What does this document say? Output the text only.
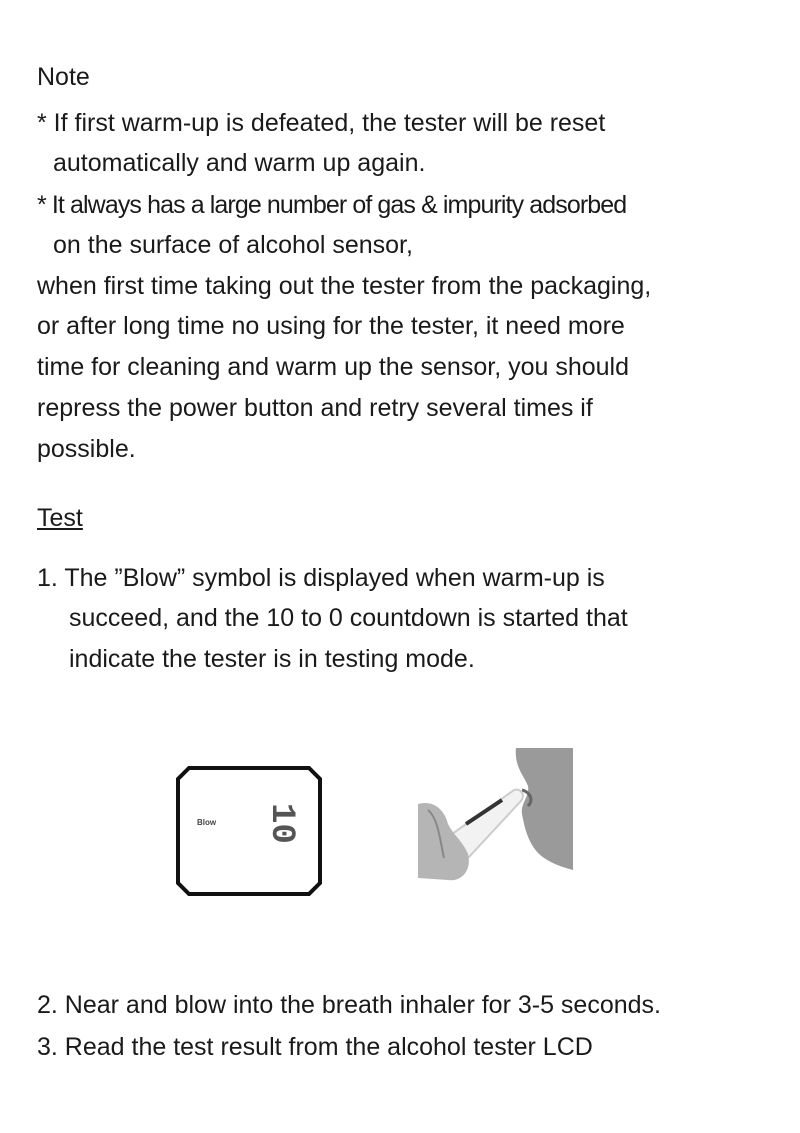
Note
* If first warm-up is defeated, the tester will be reset
automatically and warm up again.
* It always has a large number of gas & impurity adsorbed
on the surface of alcohol sensor,
when first time taking out the tester from the packaging,
or after long time no using for the tester, it need more
time for cleaning and warm up the sensor, you should
repress the power button and retry several times if
possible.
Test
1. The ”Blow” symbol is displayed when warm-up is
succeed, and the 10 to 0 countdown is started that
indicate the tester is in testing mode.
Blow 10
2. Near and blow into the breath inhaler for 3-5 seconds.
3. Read the test result from the alcohol tester LCD
